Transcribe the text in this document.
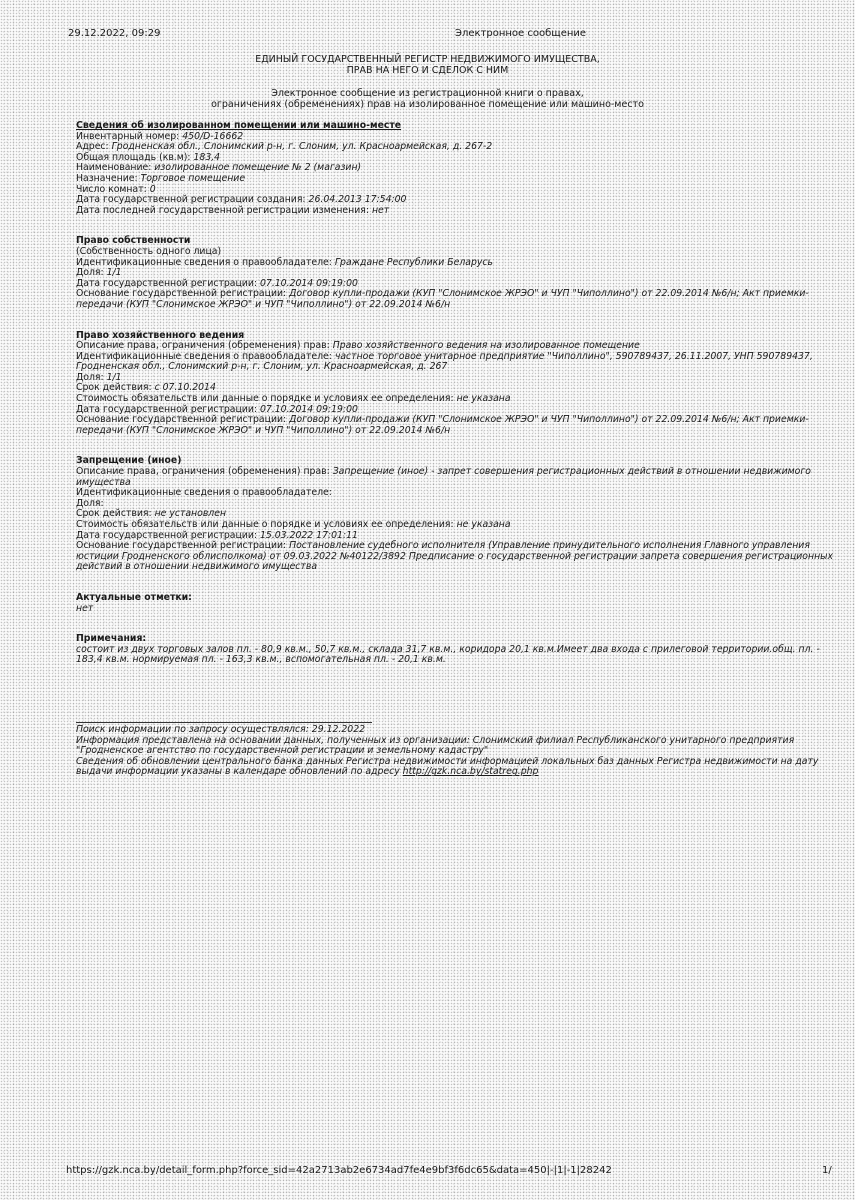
29.12.2022, 09:29	Электронное сообщение
ЕДИНЫЙ ГОСУДАРСТВЕННЫЙ РЕГИСТР НЕДВИЖИМОГО ИМУЩЕСТВА,
ПРАВ НА НЕГО И СДЕЛОК С НИМ
Электронное сообщение из регистрационной книги о правах,
ограничениях (обременениях) прав на изолированное помещение или машино-место
Сведения об изолированном помещении или машино-месте
Инвентарный номер: 450/D-16662
Адрес: Гродненская обл., Слонимский р-н, г. Слоним, ул. Красноармейская, д. 267-2
Общая площадь (кв.м): 183,4
Наименование: изолированное помещение № 2 (магазин)
Назначение: Торговое помещение
Число комнат: 0
Дата государственной регистрации создания: 26.04.2013 17:54:00
Дата последней государственной регистрации изменения: нет
Право собственности
(Собственность одного лица)
Идентификационные сведения о правообладателе: Граждане Республики Беларусь
Доля: 1/1
Дата государственной регистрации: 07.10.2014 09:19:00
Основание государственной регистрации: Договор купли-продажи (КУП "Слонимское ЖРЭО" и ЧУП "Чиполлино") от 22.09.2014 №6/н; Акт приемки-передачи (КУП "Слонимское ЖРЭО" и ЧУП "Чиполлино") от 22.09.2014 №6/н
Право хозяйственного ведения
Описание права, ограничения (обременения) прав: Право хозяйственного ведения на изолированное помещение
Идентификационные сведения о правообладателе: частное торговое унитарное предприятие "Чиполлино", 590789437, 26.11.2007, УНП 590789437, Гродненская обл., Слонимский р-н, г. Слоним, ул. Красноармейская, д. 267
Доля: 1/1
Срок действия: с 07.10.2014
Стоимость обязательств или данные о порядке и условиях ее определения: не указана
Дата государственной регистрации: 07.10.2014 09:19:00
Основание государственной регистрации: Договор купли-продажи (КУП "Слонимское ЖРЭО" и ЧУП "Чиполлино") от 22.09.2014 №6/н; Акт приемки-передачи (КУП "Слонимское ЖРЭО" и ЧУП "Чиполлино") от 22.09.2014 №6/н
Запрещение (иное)
Описание права, ограничения (обременения) прав: Запрещение (иное) - запрет совершения регистрационных действий в отношении недвижимого имущества
Идентификационные сведения о правообладателе:
Доля:
Срок действия: не установлен
Стоимость обязательств или данные о порядке и условиях ее определения: не указана
Дата государственной регистрации: 15.03.2022 17:01:11
Основание государственной регистрации: Постановление судебного исполнителя (Управление принудительного исполнения Главного управления юстиции Гродненского облисполкома) от 09.03.2022 №40122/3892 Предписание о государственной регистрации запрета совершения регистрационных действий в отношении недвижимого имущества
Актуальные отметки:
нет
Примечания:
состоит из двух торговых залов пл. - 80,9 кв.м., 50,7 кв.м., склада 31,7 кв.м., коридора 20,1 кв.м.Имеет два входа с прилеговой территории.общ. пл. - 183,4 кв.м. нормируемая пл. - 163,3 кв.м., вспомогательная пл. - 20,1 кв.м.
Поиск информации по запросу осуществлялся: 29.12.2022
Информация представлена на основании данных, полученных из организации: Слонимский филиал Республиканского унитарного предприятия "Гродненское агентство по государственной регистрации и земельному кадастру"
Сведения об обновлении центрального банка данных Регистра недвижимости информацией локальных баз данных Регистра недвижимости на дату выдачи информации указаны в календаре обновлений по адресу http://gzk.nca.by/statreg.php
https://gzk.nca.by/detail_form.php?force_sid=42a2713ab2e6734ad7fe4e9bf3f6dc65&data=450|-|1|-1|28242	1/
